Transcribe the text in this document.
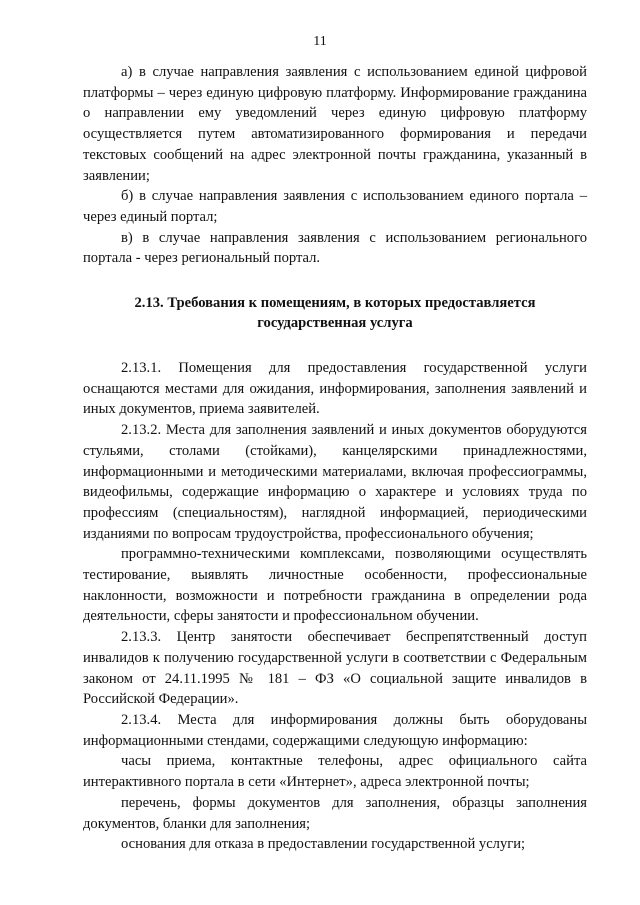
11

а) в случае направления заявления с использованием единой цифровой платформы – через единую цифровую платформу. Информирование гражданина о направлении ему уведомлений через единую цифровую платформу осуществляется путем автоматизированного формирования и передачи текстовых сообщений на адрес электронной почты гражданина, указанный в заявлении;

б) в случае направления заявления с использованием единого портала – через единый портал;

в) в случае направления заявления с использованием регионального портала - через региональный портал.

2.13. Требования к помещениям, в которых предоставляется
государственная услуга

2.13.1. Помещения для предоставления государственной услуги оснащаются местами для ожидания, информирования, заполнения заявлений и иных документов, приема заявителей.

2.13.2. Места для заполнения заявлений и иных документов оборудуются стульями, столами (стойками), канцелярскими принадлежностями, информационными и методическими материалами, включая профессиограммы, видеофильмы, содержащие информацию о характере и условиях труда по профессиям (специальностям), наглядной информацией, периодическими изданиями по вопросам трудоустройства, профессионального обучения;

программно-техническими комплексами, позволяющими осуществлять тестирование, выявлять личностные особенности, профессиональные наклонности, возможности и потребности гражданина в определении рода деятельности, сферы занятости и профессиональном обучении.

2.13.3. Центр занятости обеспечивает беспрепятственный доступ инвалидов к получению государственной услуги в соответствии с Федеральным законом от 24.11.1995 № 181 – ФЗ «О социальной защите инвалидов в Российской Федерации».

2.13.4. Места для информирования должны быть оборудованы информационными стендами, содержащими следующую информацию:

часы приема, контактные телефоны, адрес официального сайта интерактивного портала в сети «Интернет», адреса электронной почты;

перечень, формы документов для заполнения, образцы заполнения документов, бланки для заполнения;

основания для отказа в предоставлении государственной услуги;
